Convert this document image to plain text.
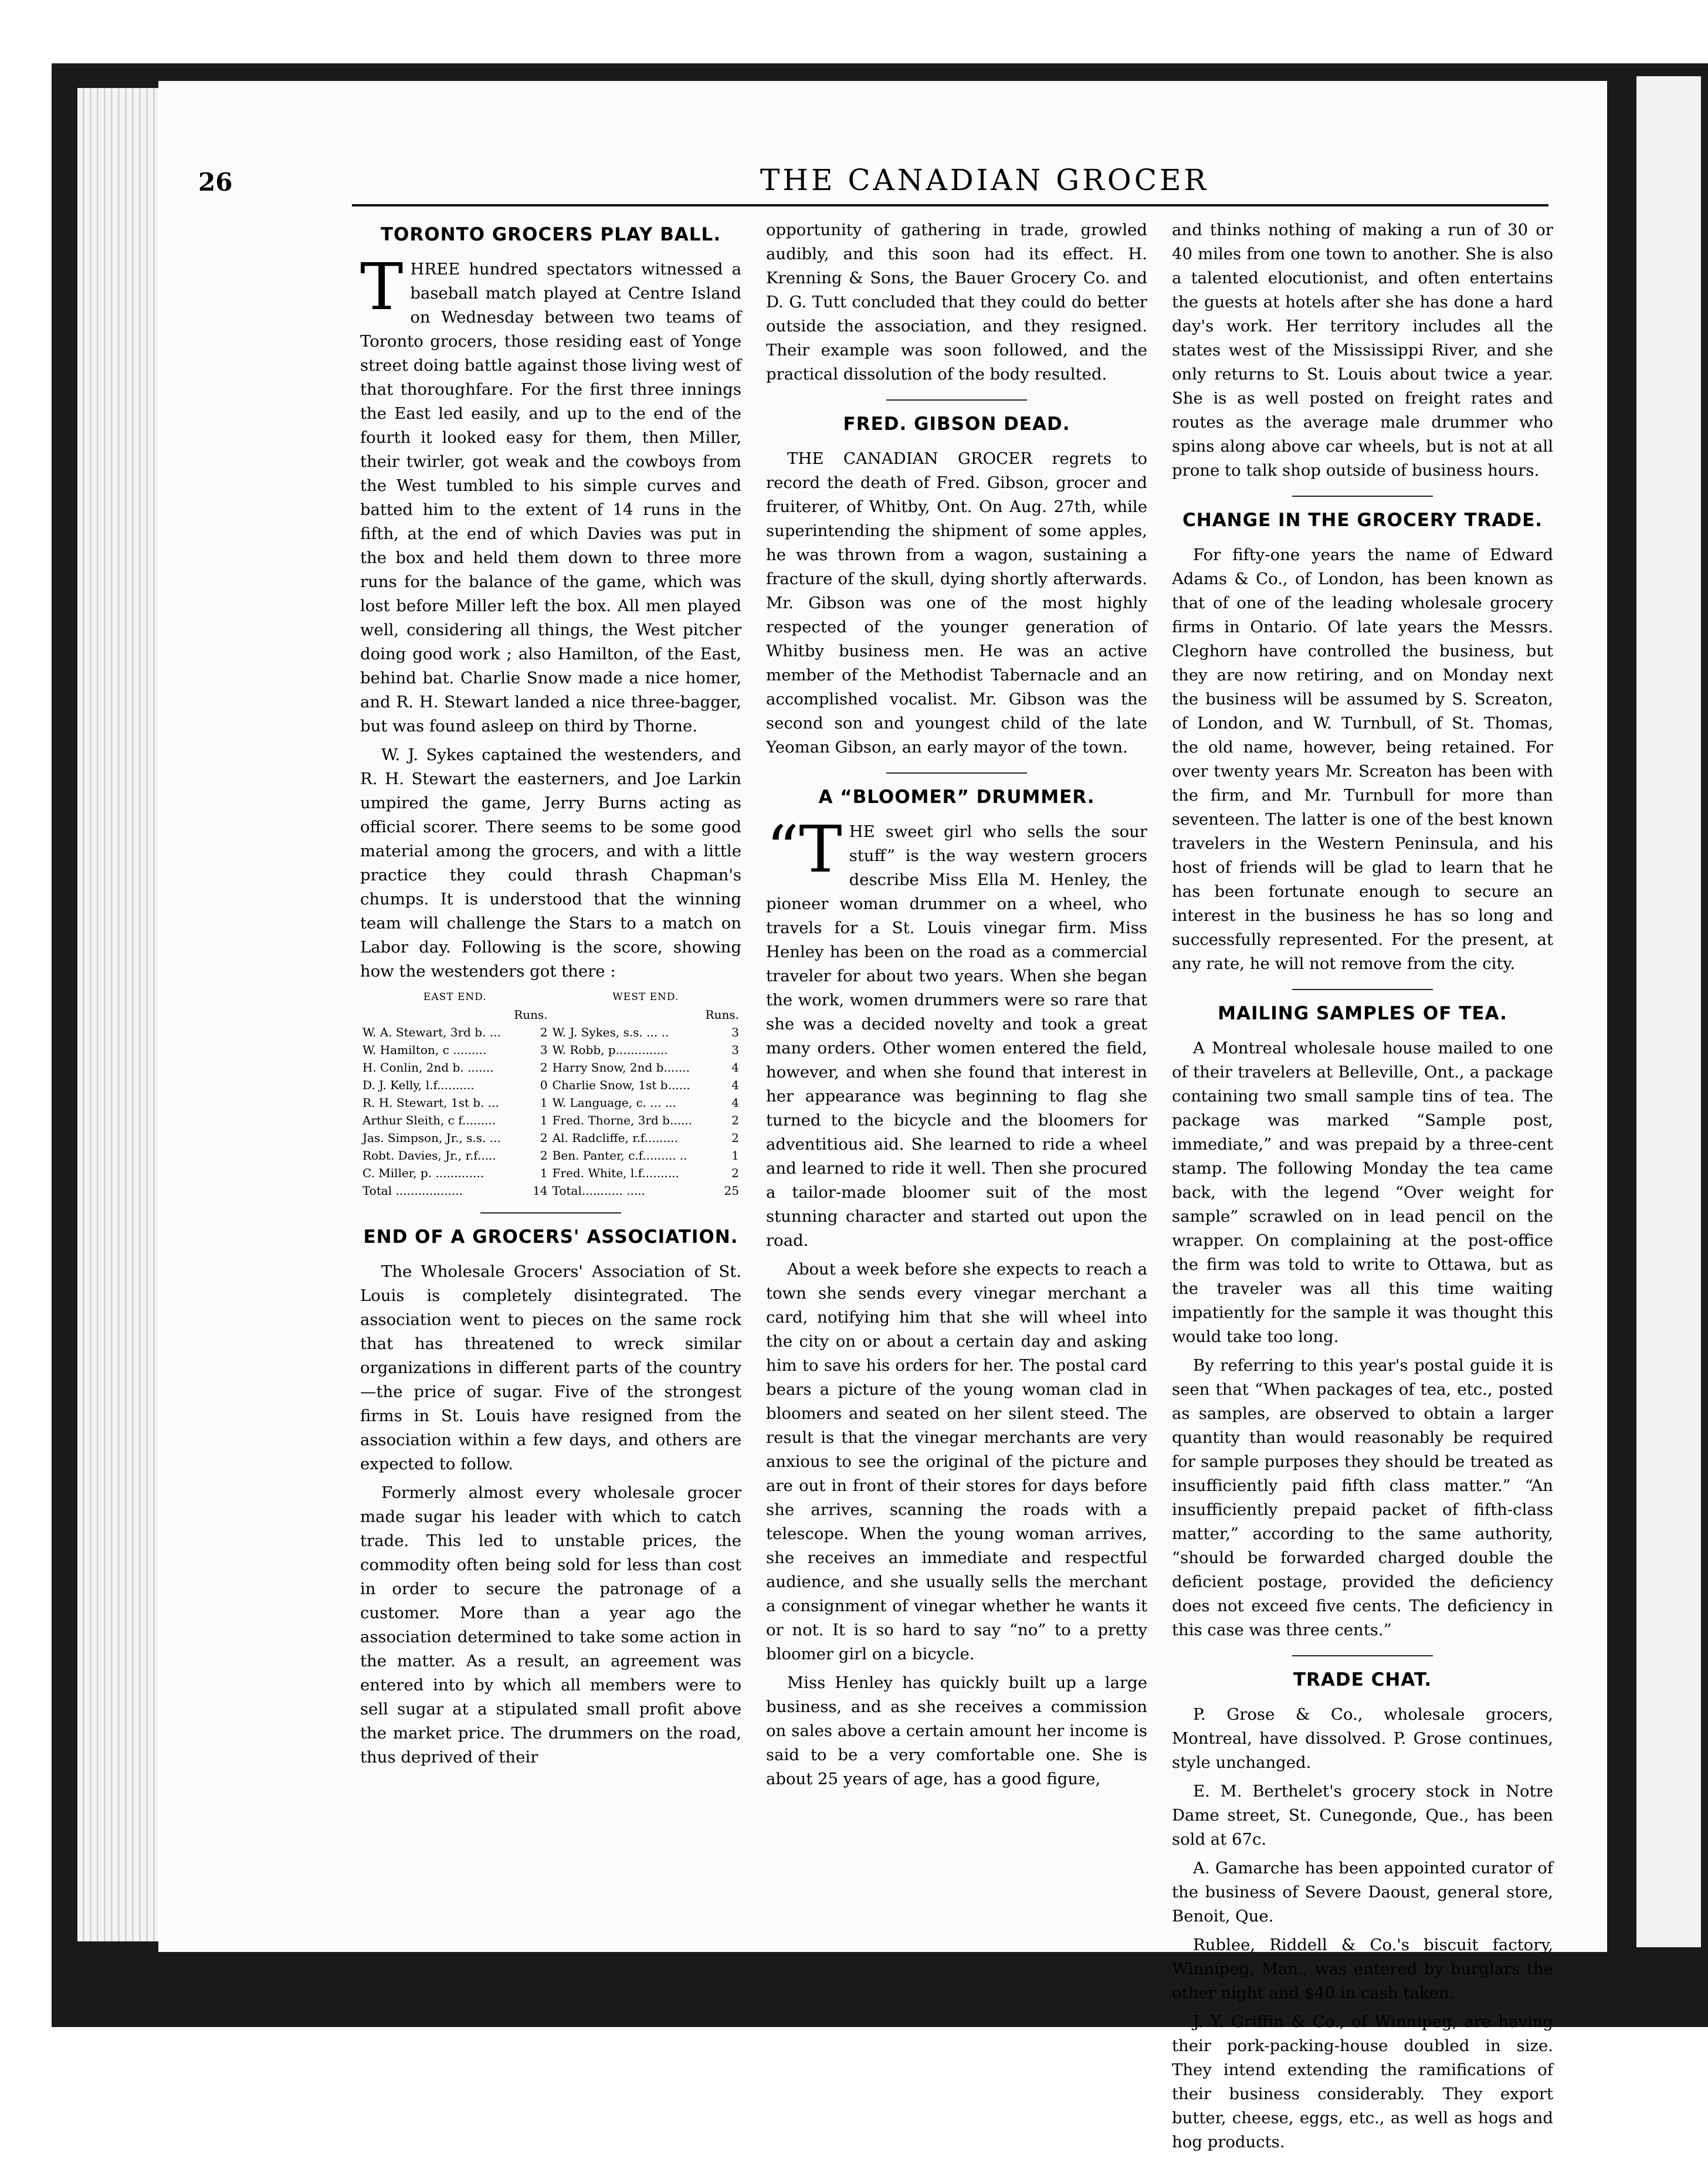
26	THE CANADIAN GROCER
TORONTO GROCERS PLAY BALL.

THREE hundred spectators witnessed a baseball match played at Centre Island on Wednesday between two teams of Toronto grocers, those residing east of Yonge street doing battle against those living west of that thoroughfare. For the first three innings the East led easily, and up to the end of the fourth it looked easy for them, then Miller, their twirler, got weak and the cowboys from the West tumbled to his simple curves and batted him to the extent of 14 runs in the fifth, at the end of which Davies was put in the box and held them down to three more runs for the balance of the game, which was lost before Miller left the box. All men played well, considering all things, the West pitcher doing good work ; also Hamilton, of the East, behind bat. Charlie Snow made a nice homer, and R. H. Stewart landed a nice three-bagger, but was found asleep on third by Thorne.

W. J. Sykes captained the westenders, and R. H. Stewart the easterners, and Joe Larkin umpired the game, Jerry Burns acting as official scorer. There seems to be some good material among the grocers, and with a little practice they could thrash Chapman's chumps. It is understood that the winning team will challenge the Stars to a match on Labor day. Following is the score, showing how the westenders got there :

EAST END.		WEST END.	
	Runs.		Runs.
W. A. Stewart, 3rd b. ...	2	W. J. Sykes, s.s. ... ..	3
W. Hamilton, c .........	3	W. Robb, p..............	3
H. Conlin, 2nd b. .......	2	Harry Snow, 2nd b.......	4
D. J. Kelly, l.f..........	0	Charlie Snow, 1st b......	4
R. H. Stewart, 1st b. ...	1	W. Language, c. ... ...	4
Arthur Sleith, c f.........	1	Fred. Thorne, 3rd b......	2
Jas. Simpson, Jr., s.s. ...	2	Al. Radcliffe, r.f.........	2
Robt. Davies, Jr., r.f.....	2	Ben. Panter, c.f......... ..	1
C. Miller, p. .............	1	Fred. White, l.f..........	2
Total ..................	14	Total........... .....	25
END OF A GROCERS' ASSOCIATION.

The Wholesale Grocers' Association of St. Louis is completely disintegrated. The association went to pieces on the same rock that has threatened to wreck similar organizations in different parts of the country—the price of sugar. Five of the strongest firms in St. Louis have resigned from the association within a few days, and others are expected to follow.

Formerly almost every wholesale grocer made sugar his leader with which to catch trade. This led to unstable prices, the commodity often being sold for less than cost in order to secure the patronage of a customer. More than a year ago the association determined to take some action in the matter. As a result, an agreement was entered into by which all members were to sell sugar at a stipulated small profit above the market price. The drummers on the road, thus deprived of their

opportunity of gathering in trade, growled audibly, and this soon had its effect. H. Krenning & Sons, the Bauer Grocery Co. and D. G. Tutt concluded that they could do better outside the association, and they resigned. Their example was soon followed, and the practical dissolution of the body resulted.

FRED. GIBSON DEAD.

THE CANADIAN GROCER regrets to record the death of Fred. Gibson, grocer and fruiterer, of Whitby, Ont. On Aug. 27th, while superintending the shipment of some apples, he was thrown from a wagon, sustaining a fracture of the skull, dying shortly afterwards. Mr. Gibson was one of the most highly respected of the younger generation of Whitby business men. He was an active member of the Methodist Tabernacle and an accomplished vocalist. Mr. Gibson was the second son and youngest child of the late Yeoman Gibson, an early mayor of the town.

A “BLOOMER” DRUMMER.

“THE sweet girl who sells the sour stuff” is the way western grocers describe Miss Ella M. Henley, the pioneer woman drummer on a wheel, who travels for a St. Louis vinegar firm. Miss Henley has been on the road as a commercial traveler for about two years. When she began the work, women drummers were so rare that she was a decided novelty and took a great many orders. Other women entered the field, however, and when she found that interest in her appearance was beginning to flag she turned to the bicycle and the bloomers for adventitious aid. She learned to ride a wheel and learned to ride it well. Then she procured a tailor-made bloomer suit of the most stunning character and started out upon the road.

About a week before she expects to reach a town she sends every vinegar merchant a card, notifying him that she will wheel into the city on or about a certain day and asking him to save his orders for her. The postal card bears a picture of the young woman clad in bloomers and seated on her silent steed. The result is that the vinegar merchants are very anxious to see the original of the picture and are out in front of their stores for days before she arrives, scanning the roads with a telescope. When the young woman arrives, she receives an immediate and respectful audience, and she usually sells the merchant a consignment of vinegar whether he wants it or not. It is so hard to say “no” to a pretty bloomer girl on a bicycle.

Miss Henley has quickly built up a large business, and as she receives a commission on sales above a certain amount her income is said to be a very comfortable one. She is about 25 years of age, has a good figure,

and thinks nothing of making a run of 30 or 40 miles from one town to another. She is also a talented elocutionist, and often entertains the guests at hotels after she has done a hard day's work. Her territory includes all the states west of the Mississippi River, and she only returns to St. Louis about twice a year. She is as well posted on freight rates and routes as the average male drummer who spins along above car wheels, but is not at all prone to talk shop outside of business hours.

CHANGE IN THE GROCERY TRADE.

For fifty-one years the name of Edward Adams & Co., of London, has been known as that of one of the leading wholesale grocery firms in Ontario. Of late years the Messrs. Cleghorn have controlled the business, but they are now retiring, and on Monday next the business will be assumed by S. Screaton, of London, and W. Turnbull, of St. Thomas, the old name, however, being retained. For over twenty years Mr. Screaton has been with the firm, and Mr. Turnbull for more than seventeen. The latter is one of the best known travelers in the Western Peninsula, and his host of friends will be glad to learn that he has been fortunate enough to secure an interest in the business he has so long and successfully represented. For the present, at any rate, he will not remove from the city.

MAILING SAMPLES OF TEA.

A Montreal wholesale house mailed to one of their travelers at Belleville, Ont., a package containing two small sample tins of tea. The package was marked “Sample post, immediate,” and was prepaid by a three-cent stamp. The following Monday the tea came back, with the legend “Over weight for sample” scrawled on in lead pencil on the wrapper. On complaining at the post-office the firm was told to write to Ottawa, but as the traveler was all this time waiting impatiently for the sample it was thought this would take too long.

By referring to this year's postal guide it is seen that “When packages of tea, etc., posted as samples, are observed to obtain a larger quantity than would reasonably be required for sample purposes they should be treated as insufficiently paid fifth class matter.” “An insufficiently prepaid packet of fifth-class matter,” according to the same authority, “should be forwarded charged double the deficient postage, provided the deficiency does not exceed five cents. The deficiency in this case was three cents.”

TRADE CHAT.

P. Grose & Co., wholesale grocers, Montreal, have dissolved. P. Grose continues, style unchanged.

E. M. Berthelet's grocery stock in Notre Dame street, St. Cunegonde, Que., has been sold at 67c.

A. Gamarche has been appointed curator of the business of Severe Daoust, general store, Benoit, Que.

Rublee, Riddell & Co.'s biscuit factory, Winnipeg, Man., was entered by burglars the other night and $40 in cash taken.

J. Y. Griffin & Co., of Winnipeg, are having their pork-packing-house doubled in size. They intend extending the ramifications of their business considerably. They export butter, cheese, eggs, etc., as well as hogs and hog products.
